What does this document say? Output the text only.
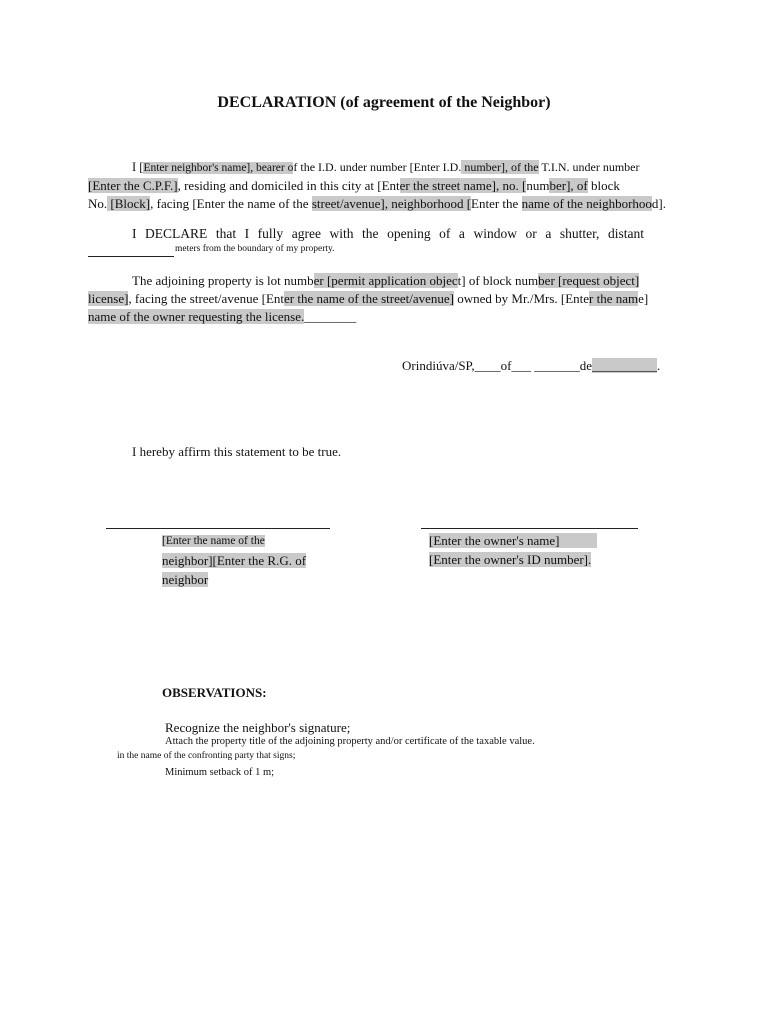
DECLARATION (of agreement of the Neighbor)
I [Enter neighbor's name], bearer of the I.D. under number [Enter I.D. number], of the T.I.N. under number
[Enter the C.P.F.], residing and domiciled in this city at [Enter the street name], no. [number], of block
No. [Block], facing [Enter the name of the street/avenue], neighborhood [Enter the name of the neighborhood].
I DECLARE that I fully agree with the opening of a window or a shutter, distant
meters from the boundary of my property.
The adjoining property is lot number [permit application object] of block number [request object]
license], facing the street/avenue [Enter the name of the street/avenue] owned by Mr./Mrs. [Enter the name]
name of the owner requesting the license.________
Orindiúva/SP,____of___ _______de__________.
I hereby affirm this statement to be true.
[Enter the name of the
neighbor][Enter the R.G. of
neighbor
[Enter the owner's name]
[Enter the owner's ID number].
OBSERVATIONS:
Recognize the neighbor's signature;
Attach the property title of the adjoining property and/or certificate of the taxable value.
in the name of the confronting party that signs;
Minimum setback of 1 m;
